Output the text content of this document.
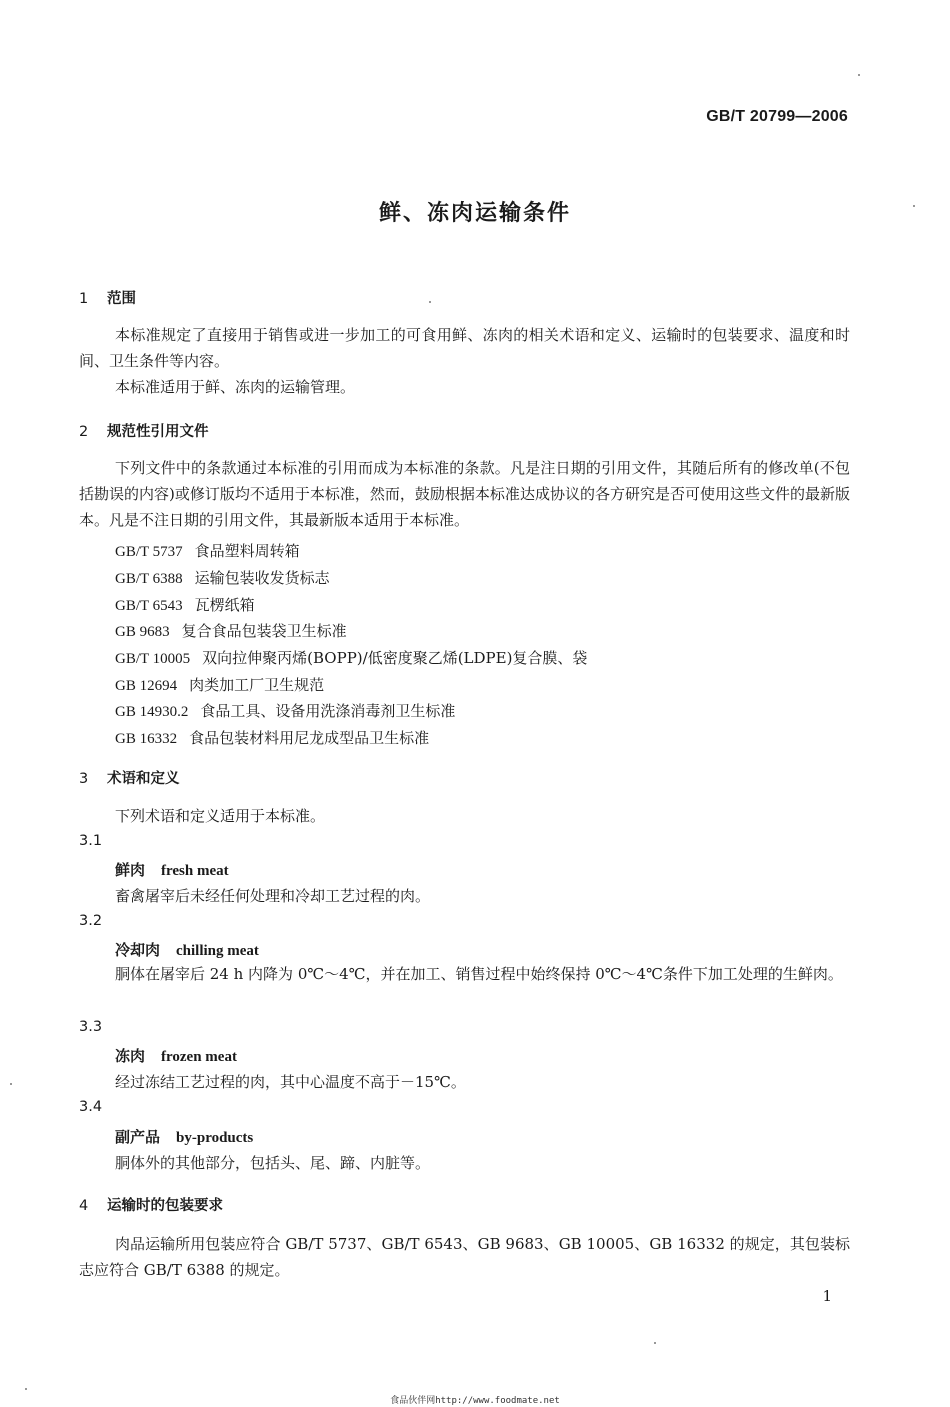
GB/T 20799—2006
鲜、冻肉运输条件
1 范围
本标准规定了直接用于销售或进一步加工的可食用鲜、冻肉的相关术语和定义、运输时的包装要求、温度和时间、卫生条件等内容。
本标准适用于鲜、冻肉的运输管理。
2 规范性引用文件
下列文件中的条款通过本标准的引用而成为本标准的条款。凡是注日期的引用文件，其随后所有的修改单(不包括勘误的内容)或修订版均不适用于本标准，然而，鼓励根据本标准达成协议的各方研究是否可使用这些文件的最新版本。凡是不注日期的引用文件，其最新版本适用于本标准。
GB/T 5737 食品塑料周转箱
GB/T 6388 运输包装收发货标志
GB/T 6543 瓦楞纸箱
GB 9683 复合食品包装袋卫生标准
GB/T 10005 双向拉伸聚丙烯(BOPP)/低密度聚乙烯(LDPE)复合膜、袋
GB 12694 肉类加工厂卫生规范
GB 14930.2 食品工具、设备用洗涤消毒剂卫生标准
GB 16332 食品包装材料用尼龙成型品卫生标准
3 术语和定义
下列术语和定义适用于本标准。
3.1
鲜肉 fresh meat
畜禽屠宰后未经任何处理和冷却工艺过程的肉。
3.2
冷却肉 chilling meat
胴体在屠宰后 24 h 内降为 0℃～4℃，并在加工、销售过程中始终保持 0℃～4℃条件下加工处理的生鲜肉。
3.3
冻肉 frozen meat
经过冻结工艺过程的肉，其中心温度不高于－15℃。
3.4
副产品 by-products
胴体外的其他部分，包括头、尾、蹄、内脏等。
4 运输时的包装要求
肉品运输所用包装应符合 GB/T 5737、GB/T 6543、GB 9683、GB 10005、GB 16332 的规定，其包装标志应符合 GB/T 6388 的规定。
1
食品伙伴网http://www.foodmate.net
